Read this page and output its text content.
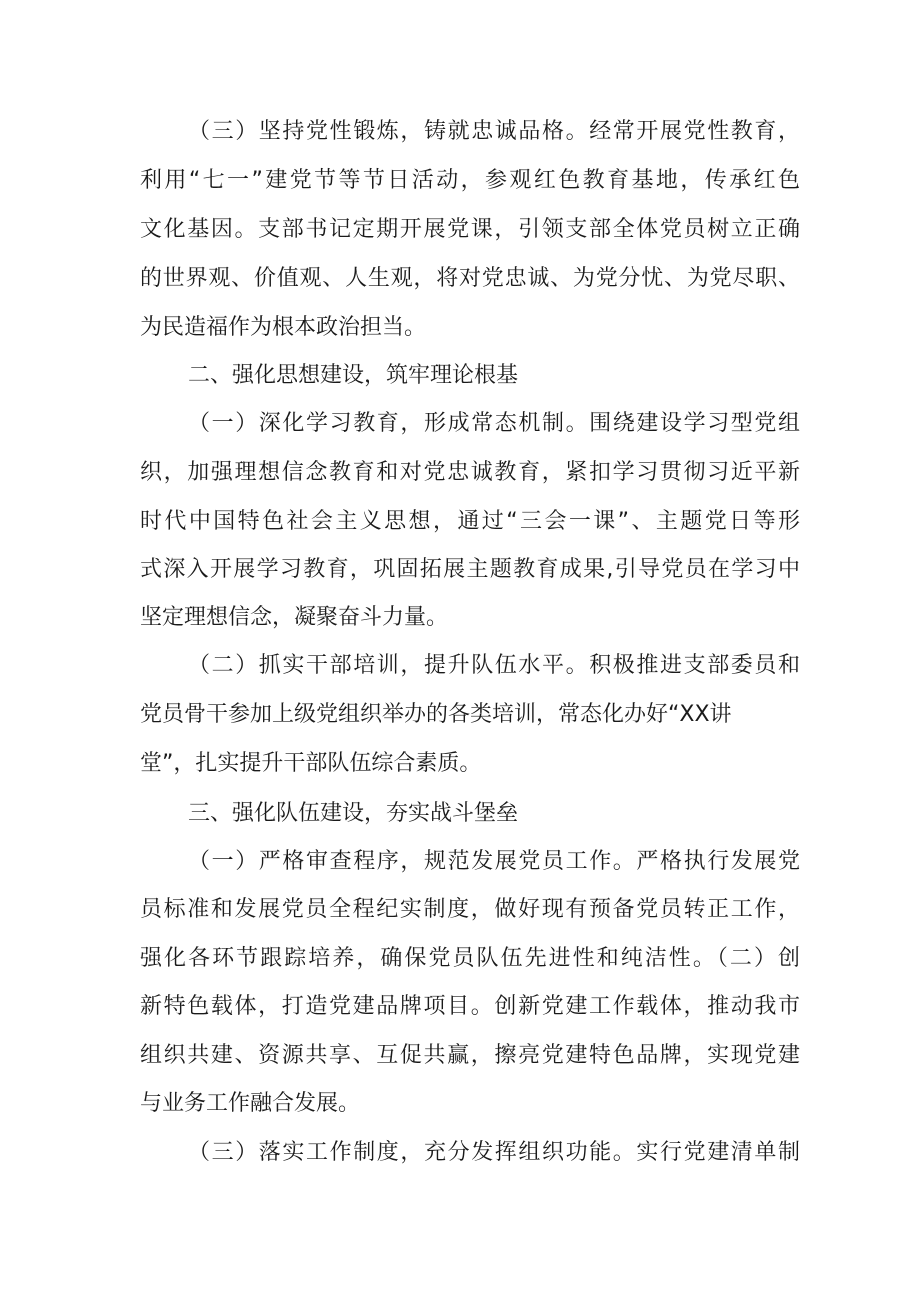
（三）坚持党性锻炼，铸就忠诚品格。经常开展党性教育，
利用“七一”建党节等节日活动，参观红色教育基地，传承红色
文化基因。支部书记定期开展党课，引领支部全体党员树立正确
的世界观、价值观、人生观，将对党忠诚、为党分忧、为党尽职、
为民造福作为根本政治担当。
二、强化思想建设，筑牢理论根基
（一）深化学习教育，形成常态机制。围绕建设学习型党组
织，加强理想信念教育和对党忠诚教育，紧扣学习贯彻习近平新
时代中国特色社会主义思想，通过“三会一课”、主题党日等形
式深入开展学习教育，巩固拓展主题教育成果,引导党员在学习中
坚定理想信念，凝聚奋斗力量。
（二）抓实干部培训，提升队伍水平。积极推进支部委员和
党员骨干参加上级党组织举办的各类培训，常态化办好“XX讲
堂”，扎实提升干部队伍综合素质。
三、强化队伍建设，夯实战斗堡垒
（一）严格审查程序，规范发展党员工作。严格执行发展党
员标准和发展党员全程纪实制度，做好现有预备党员转正工作，
强化各环节跟踪培养，确保党员队伍先进性和纯洁性。（二）创
新特色载体，打造党建品牌项目。创新党建工作载体，推动我市
组织共建、资源共享、互促共赢，擦亮党建特色品牌，实现党建
与业务工作融合发展。
（三）落实工作制度，充分发挥组织功能。实行党建清单制
